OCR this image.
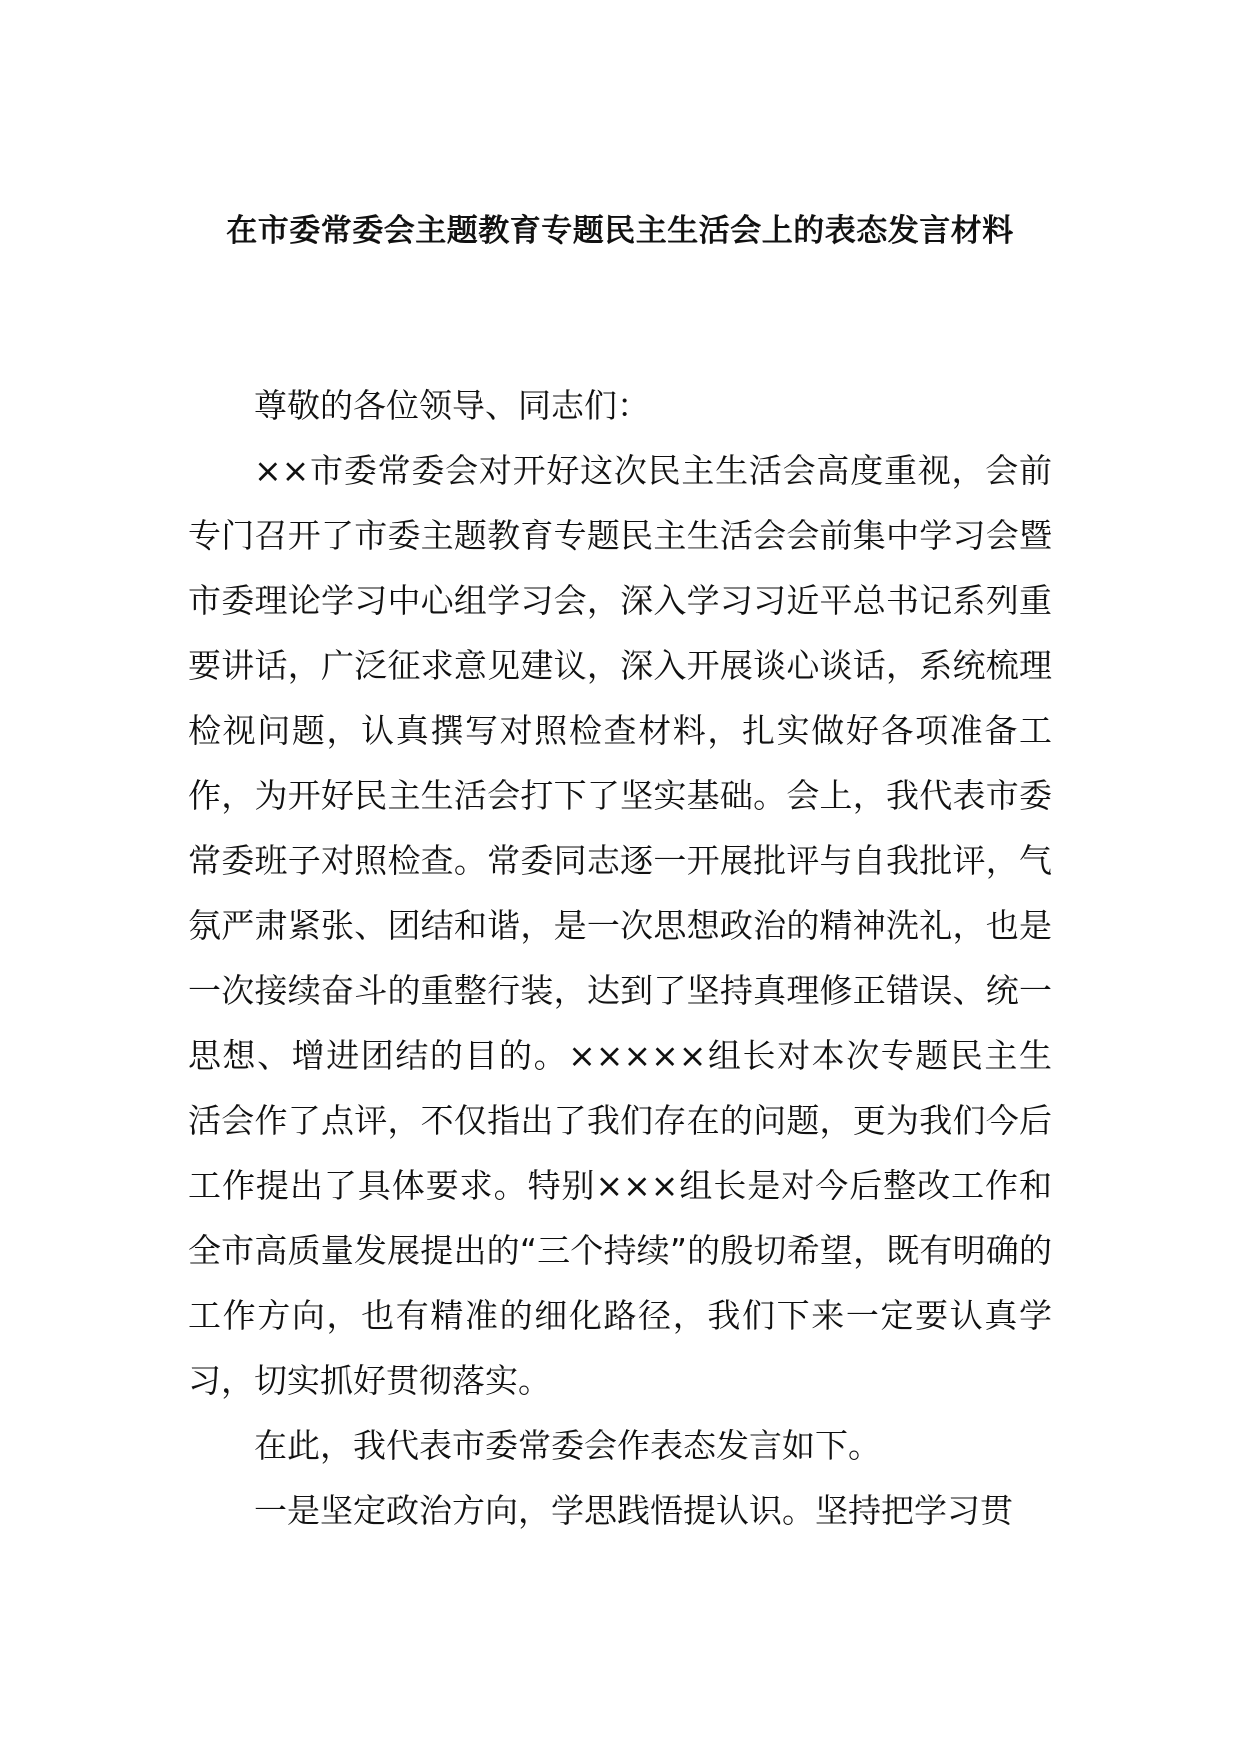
在市委常委会主题教育专题民主生活会上的表态发言材料

尊敬的各位领导、同志们：

××市委常委会对开好这次民主生活会高度重视，会前专门召开了市委主题教育专题民主生活会会前集中学习会暨市委理论学习中心组学习会，深入学习习近平总书记系列重要讲话，广泛征求意见建议，深入开展谈心谈话，系统梳理检视问题，认真撰写对照检查材料，扎实做好各项准备工作，为开好民主生活会打下了坚实基础。会上，我代表市委常委班子对照检查。常委同志逐一开展批评与自我批评，气氛严肃紧张、团结和谐，是一次思想政治的精神洗礼，也是一次接续奋斗的重整行装，达到了坚持真理修正错误、统一思想、增进团结的目的。×××××组长对本次专题民主生活会作了点评，不仅指出了我们存在的问题，更为我们今后工作提出了具体要求。特别×××组长是对今后整改工作和全市高质量发展提出的“三个持续”的殷切希望，既有明确的工作方向，也有精准的细化路径，我们下来一定要认真学习，切实抓好贯彻落实。

在此，我代表市委常委会作表态发言如下。

一是坚定政治方向，学思践悟提认识。坚持把学习贯
